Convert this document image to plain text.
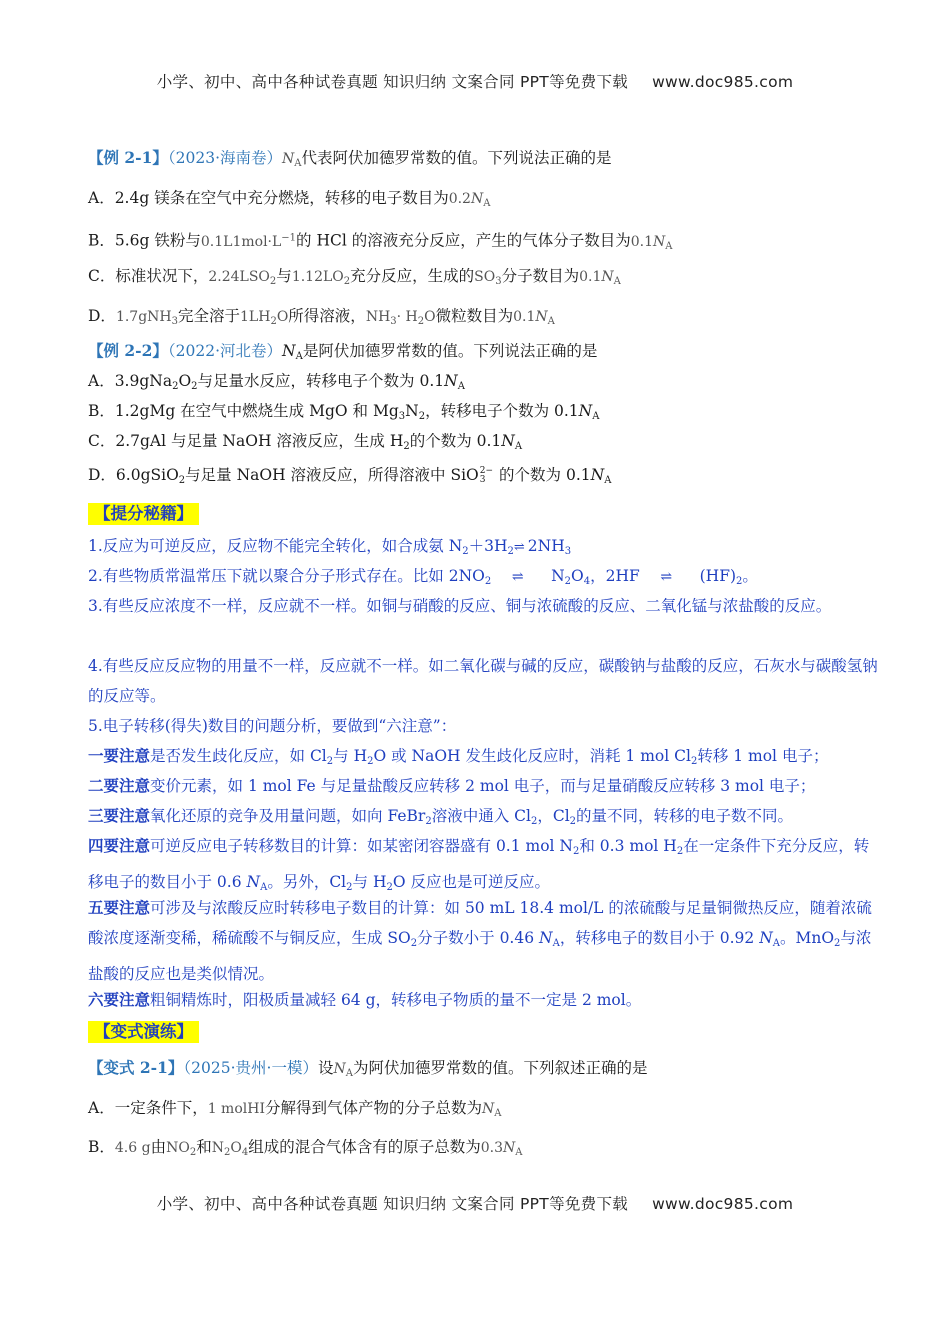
小学、初中、高中各种试卷真题 知识归纳 文案合同 PPT等免费下载 www.doc985.com
【例 2-1】（2023·海南卷）$N_A$代表阿伏加德罗常数的值。下列说法正确的是
A．2.4g 镁条在空气中充分燃烧，转移的电子数目为$0.2N_A$
B．5.6g 铁粉与$0.1L1mol\cdot L^{-1}$的 HCl 的溶液充分反应，产生的气体分子数目为$0.1N_A$
C．标准状况下，$2.24LSO_2$与$1.12LO_2$充分反应，生成的$SO_3$分子数目为$0.1N_A$
D．1.7gNH$_3$完全溶于$1LH_2O$所得溶液，$NH_3\cdot H_2O$微粒数目为$0.1N_A$
【例 2-2】（2022·河北卷）$N_A$是阿伏加德罗常数的值。下列说法正确的是
A．$3.9gNa_2O_2$与足量水反应，转移电子个数为 $0.1N_A$
B．1.2gMg 在空气中燃烧生成 MgO 和 $Mg_3N_2$，转移电子个数为 $0.1N_A$
C．2.7gAl 与足量 NaOH 溶液反应，生成 $H_2$的个数为 $0.1N_A$
D．6.0gSiO$_2$与足量 NaOH 溶液反应，所得溶液中 SiO 2−
3 的个数为 $0.1N_A$
【提分秘籍】
1.反应为可逆反应，反应物不能完全转化，如合成氨 $N_2+3H_2\rightleftharpoons$ $2NH_3$
2.有些物质常温常压下就以聚合分子形式存在。比如 $2NO_2$ ⇌ $N_2O_4$，2HF ⇌ $(HF)_2$。
3.有些反应浓度不一样，反应就不一样。如铜与硝酸的反应、铜与浓硫酸的反应、二氧化锰与浓盐酸的反应。
4.有些反应反应物的用量不一样，反应就不一样。如二氧化碳与碱的反应，碳酸钠与盐酸的反应，石灰水与碳酸氢钠的反应等。
5.电子转移(得失)数目的问题分析，要做到“六注意”：
一要注意是否发生歧化反应，如 $Cl_2$与 $H_2O$ 或 NaOH 发生歧化反应时，消耗 1 mol $Cl_2$转移 1 mol 电子；
二要注意变价元素，如 1 mol Fe 与足量盐酸反应转移 2 mol 电子，而与足量硝酸反应转移 3 mol 电子；
三要注意氧化还原的竞争及用量问题，如向 FeBr$_2$溶液中通入 $Cl_2$，$Cl_2$的量不同，转移的电子数不同。
四要注意可逆反应电子转移数目的计算：如某密闭容器盛有 0.1 mol $N_2$和 0.3 mol $H_2$在一定条件下充分反应，转移电子的数目小于 0.6 $N_A$。另外，$Cl_2$与 $H_2O$ 反应也是可逆反应。
五要注意可涉及与浓酸反应时转移电子数目的计算：如 50 mL 18.4 mol/L 的浓硫酸与足量铜微热反应，随着浓硫酸浓度逐渐变稀，稀硫酸不与铜反应，生成 $SO_2$分子数小于 0.46 $N_A$，转移电子的数目小于 0.92 $N_A$。MnO$_2$与浓盐酸的反应也是类似情况。
六要注意粗铜精炼时，阳极质量减轻 64 g，转移电子物质的量不一定是 2 mol。
【变式演练】
【变式 2-1】（2025·贵州·一模）设$N_A$为阿伏加德罗常数的值。下列叙述正确的是
A．一定条件下，1 molHI分解得到气体产物的分子总数为$N_A$
B．4.6 g由$NO_2$和$N_2O_4$组成的混合气体含有的原子总数为$0.3N_A$
小学、初中、高中各种试卷真题 知识归纳 文案合同 PPT等免费下载 www.doc985.com
